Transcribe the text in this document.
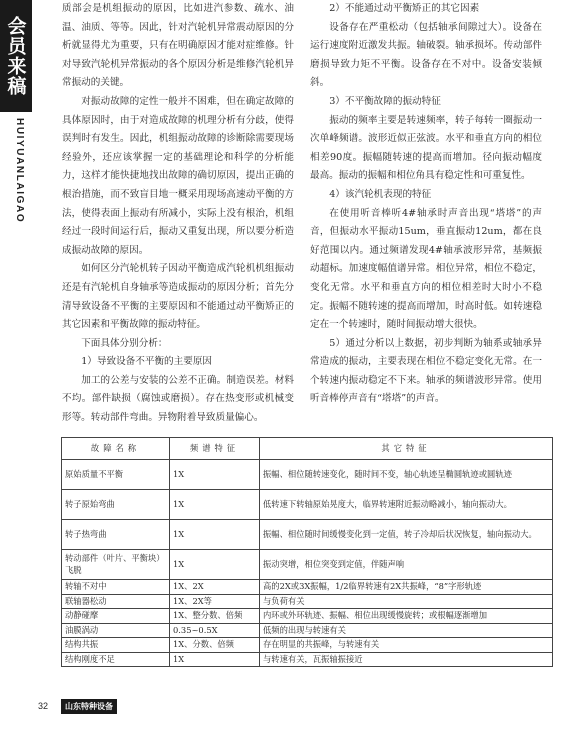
会员来稿
HUIYUANLAIGAO

质部会是机组振动的原因，比如进汽参数、疏水、油温、油质、等等。因此，针对汽轮机异常震动原因的分析就显得尤为重要，只有在明确原因才能对症维修。针对导致汽轮机异常振动的各个原因分析是维修汽轮机异常振动的关键。

对振动故障的定性一般并不困难，但在确定故障的具体原因时，由于对造成故障的机理分析有分歧，使得误判时有发生。因此，机组振动故障的诊断除需要现场经验外，还应该掌握一定的基础理论和科学的分析能力，这样才能快捷地找出故障的确切原因，提出正确的根治措施，而不致盲目地一概采用现场高速动平衡的方法，使得表面上振动有所减小，实际上没有根治，机组经过一段时间运行后，振动又重复出现，所以要分析造成振动故障的原因。

如何区分汽轮机转子因动平衡造成汽轮机机组振动还是有汽轮机自身轴承等造成振动的原因分析；首先分清导致设备不平衡的主要原因和不能通过动平衡矫正的其它因素和平衡故障的振动特征。

下面具体分别分析：

1）导致设备不平衡的主要原因

加工的公差与安装的公差不正确。制造误差。材料不均。部件缺损（腐蚀或磨损）。存在热变形或机械变形等。转动部件弯曲。异物附着导致质量偏心。

2）不能通过动平衡矫正的其它因素

设备存在严重松动（包括轴承间隙过大）。设备在运行速度附近激发共振。轴破裂。轴承损坏。传动部件磨损导致力矩不平衡。设备存在不对中。设备安装倾斜。

3）不平衡故障的振动特征

振动的频率主要是转速频率，转子每转一圈振动一次单峰频谱。波形近似正弦波。水平和垂直方向的相位相差90度。振幅随转速的提高而增加。径向振动幅度最高。振动的振幅和相位角具有稳定性和可重复性。

4）该汽轮机表现的特征

在使用听音棒听4#轴承时声音出现“塔塔”的声音，但振动水平振动15um，垂直振动12um，都在良好范围以内。通过频谱发现4#轴承波形异常，基频振动超标。加速度幅值谱异常。相位异常，相位不稳定，变化无常。水平和垂直方向的相位相差时大时小不稳定。振幅不随转速的提高而增加，时高时低。如转速稳定在一个转速时，随时间振动增大很快。

5）通过分析以上数据，初步判断为轴系或轴承异常造成的振动，主要表现在相位不稳定变化无常。在一个转速内振动稳定不下来。轴承的频谱波形异常。使用听音棒停声音有“塔塔”的声音。

故障名称	频谱特征	其它特征
原始质量不平衡	1X	振幅、相位随转速变化，随时间不变，轴心轨迹呈椭圆轨迹或圆轨迹
转子原始弯曲	1X	低转速下转轴原始晃度大，临界转速附近振动略减小，轴向振动大。
转子热弯曲	1X	振幅、相位随时间缓慢变化到一定值，转子冷却后状况恢复，轴向振动大。
转动部件（叶片、平衡块）飞脱	1X	振动突增，相位突变到定值，伴随声响
转轴不对中	1X、2X	高的2X或3X振幅，1/2临界转速有2X共振峰，“8”字形轨迹
联轴器松动	1X、2X等	与负荷有关
动静碰摩	1X、整分数、倍频	内环或外环轨迹、振幅、相位出现缓慢旋转；或根幅逐渐增加
油膜涡动	0.35~0.5X	低频的出现与转速有关
结构共振	1X、分数、倍频	存在明显的共振峰，与转速有关
结构刚度不足	1X	与转速有关，瓦振轴振接近
32	山东特种设备
